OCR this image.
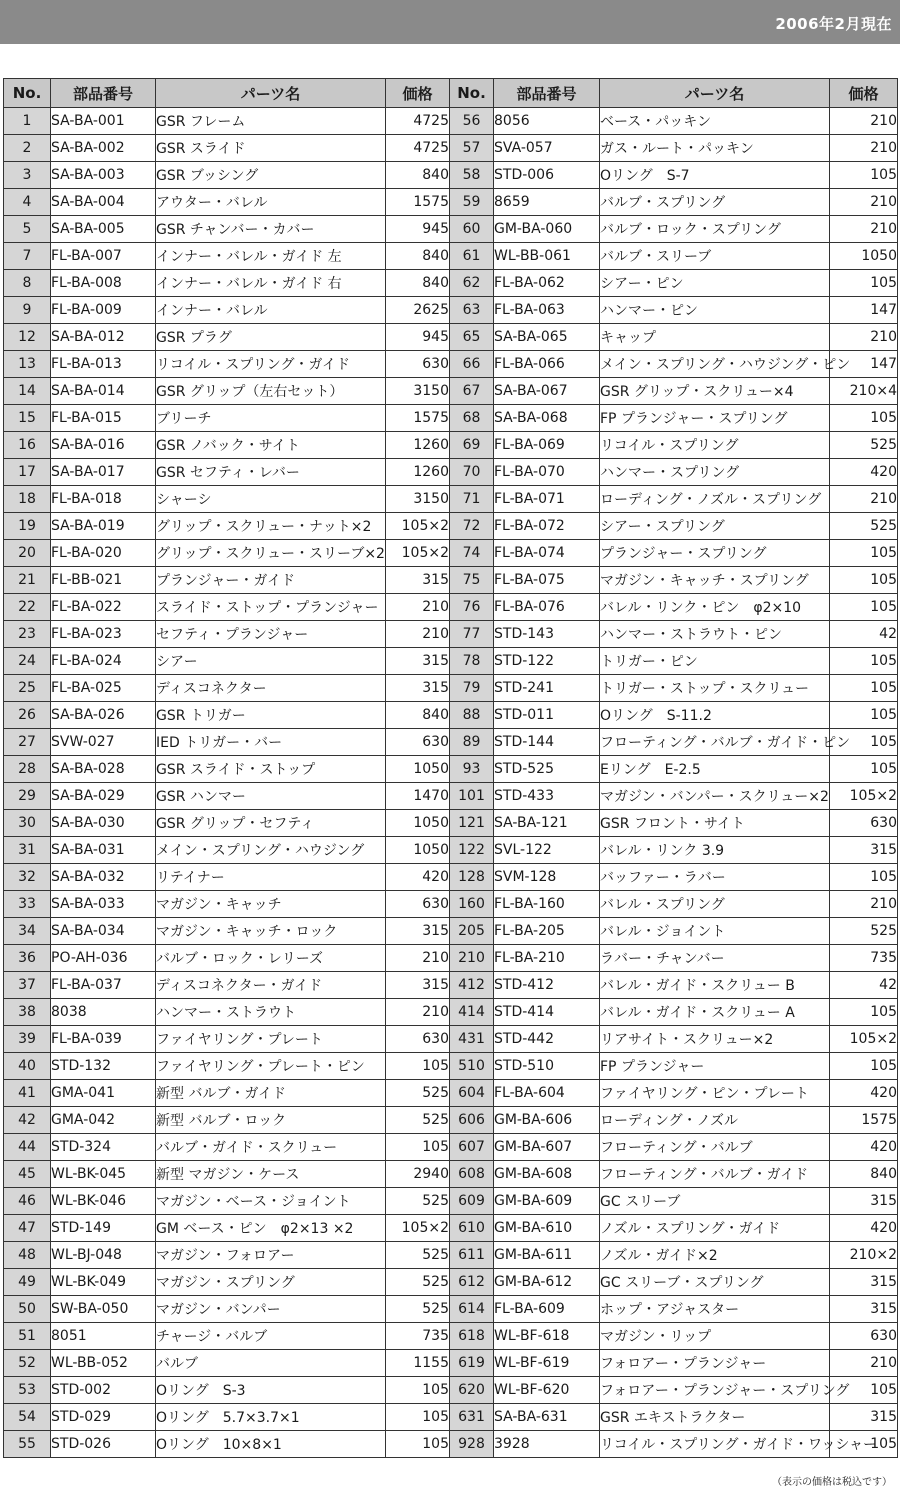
2006年2月現在
No.	部品番号	パーツ名	価格	No.	部品番号	パーツ名	価格
1	SA-BA-001	GSR フレーム	4725	56	8056	ベース・パッキン	210
2	SA-BA-002	GSR スライド	4725	57	SVA-057	ガス・ルート・パッキン	210
3	SA-BA-003	GSR ブッシング	840	58	STD-006	Oリング　S-7	105
4	SA-BA-004	アウター・バレル	1575	59	8659	バルブ・スプリング	210
5	SA-BA-005	GSR チャンバー・カバー	945	60	GM-BA-060	バルブ・ロック・スプリング	210
7	FL-BA-007	インナー・バレル・ガイド 左	840	61	WL-BB-061	バルブ・スリーブ	1050
8	FL-BA-008	インナー・バレル・ガイド 右	840	62	FL-BA-062	シアー・ピン	105
9	FL-BA-009	インナー・バレル	2625	63	FL-BA-063	ハンマー・ピン	147
12	SA-BA-012	GSR プラグ	945	65	SA-BA-065	キャップ	210
13	FL-BA-013	リコイル・スプリング・ガイド	630	66	FL-BA-066	メイン・スプリング・ハウジング・ピン	147
14	SA-BA-014	GSR グリップ（左右セット）	3150	67	SA-BA-067	GSR グリップ・スクリュー×4	210×4
15	FL-BA-015	ブリーチ	1575	68	SA-BA-068	FP プランジャー・スプリング	105
16	SA-BA-016	GSR ノバック・サイト	1260	69	FL-BA-069	リコイル・スプリング	525
17	SA-BA-017	GSR セフティ・レバー	1260	70	FL-BA-070	ハンマー・スプリング	420
18	FL-BA-018	シャーシ	3150	71	FL-BA-071	ローディング・ノズル・スプリング	210
19	SA-BA-019	グリップ・スクリュー・ナット×2	105×2	72	FL-BA-072	シアー・スプリング	525
20	FL-BA-020	グリップ・スクリュー・スリーブ×2	105×2	74	FL-BA-074	プランジャー・スプリング	105
21	FL-BB-021	プランジャー・ガイド	315	75	FL-BA-075	マガジン・キャッチ・スプリング	105
22	FL-BA-022	スライド・ストップ・プランジャー	210	76	FL-BA-076	バレル・リンク・ピン　φ2×10	105
23	FL-BA-023	セフティ・プランジャー	210	77	STD-143	ハンマー・ストラウト・ピン	42
24	FL-BA-024	シアー	315	78	STD-122	トリガー・ピン	105
25	FL-BA-025	ディスコネクター	315	79	STD-241	トリガー・ストップ・スクリュー	105
26	SA-BA-026	GSR トリガー	840	88	STD-011	Oリング　S-11.2	105
27	SVW-027	IED トリガー・バー	630	89	STD-144	フローティング・バルブ・ガイド・ピン	105
28	SA-BA-028	GSR スライド・ストップ	1050	93	STD-525	Eリング　E-2.5	105
29	SA-BA-029	GSR ハンマー	1470	101	STD-433	マガジン・バンパー・スクリュー×2	105×2
30	SA-BA-030	GSR グリップ・セフティ	1050	121	SA-BA-121	GSR フロント・サイト	630
31	SA-BA-031	メイン・スプリング・ハウジング	1050	122	SVL-122	バレル・リンク 3.9	315
32	SA-BA-032	リテイナー	420	128	SVM-128	バッファー・ラバー	105
33	SA-BA-033	マガジン・キャッチ	630	160	FL-BA-160	バレル・スプリング	210
34	SA-BA-034	マガジン・キャッチ・ロック	315	205	FL-BA-205	バレル・ジョイント	525
36	PO-AH-036	バルブ・ロック・レリーズ	210	210	FL-BA-210	ラバー・チャンバー	735
37	FL-BA-037	ディスコネクター・ガイド	315	412	STD-412	バレル・ガイド・スクリュー B	42
38	8038	ハンマー・ストラウト	210	414	STD-414	バレル・ガイド・スクリュー A	105
39	FL-BA-039	ファイヤリング・プレート	630	431	STD-442	リアサイト・スクリュー×2	105×2
40	STD-132	ファイヤリング・プレート・ピン	105	510	STD-510	FP プランジャー	105
41	GMA-041	新型 バルブ・ガイド	525	604	FL-BA-604	ファイヤリング・ピン・プレート	420
42	GMA-042	新型 バルブ・ロック	525	606	GM-BA-606	ローディング・ノズル	1575
44	STD-324	バルブ・ガイド・スクリュー	105	607	GM-BA-607	フローティング・バルブ	420
45	WL-BK-045	新型 マガジン・ケース	2940	608	GM-BA-608	フローティング・バルブ・ガイド	840
46	WL-BK-046	マガジン・ベース・ジョイント	525	609	GM-BA-609	GC スリーブ	315
47	STD-149	GM ベース・ピン　φ2×13 ×2	105×2	610	GM-BA-610	ノズル・スプリング・ガイド	420
48	WL-BJ-048	マガジン・フォロアー	525	611	GM-BA-611	ノズル・ガイド×2	210×2
49	WL-BK-049	マガジン・スプリング	525	612	GM-BA-612	GC スリーブ・スプリング	315
50	SW-BA-050	マガジン・バンパー	525	614	FL-BA-609	ホップ・アジャスター	315
51	8051	チャージ・バルブ	735	618	WL-BF-618	マガジン・リップ	630
52	WL-BB-052	バルブ	1155	619	WL-BF-619	フォロアー・プランジャー	210
53	STD-002	Oリング　S-3	105	620	WL-BF-620	フォロアー・プランジャー・スプリング	105
54	STD-029	Oリング　5.7×3.7×1	105	631	SA-BA-631	GSR エキストラクター	315
55	STD-026	Oリング　10×8×1	105	928	3928	リコイル・スプリング・ガイド・ワッシャー	105
（表示の価格は税込です）
